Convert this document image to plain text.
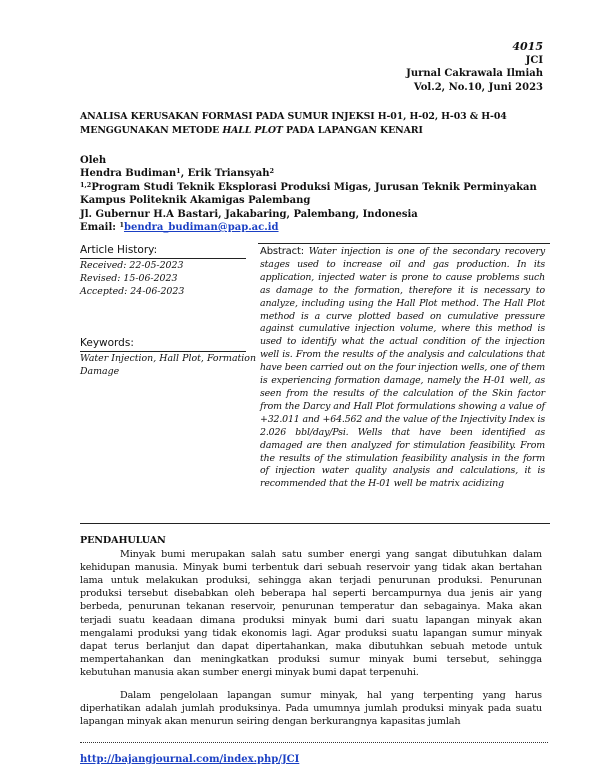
4015
JCI
Jurnal Cakrawala Ilmiah
Vol.2, No.10, Juni 2023
ANALISA KERUSAKAN FORMASI PADA SUMUR INJEKSI H-01, H-02, H-03 & H-04
MENGGUNAKAN METODE HALL PLOT PADA LAPANGAN KENARI
Oleh
Hendra Budiman$^1$, Erik Triansyah$^2$
$^{1,2}$Program Studi Teknik Eksplorasi Produksi Migas, Jurusan Teknik Perminyakan
Kampus Politeknik Akamigas Palembang
Jl. Gubernur H.A Bastari, Jakabaring, Palembang, Indonesia
Email: $^1$bendra_budiman@pap.ac.id
Article History:
Received: 22-05-2023
Revised: 15-06-2023
Accepted: 24-06-2023
Keywords:
Water Injection, Hall Plot, Formation Damage
Abstract: Water injection is one of the secondary recovery stages used to increase oil and gas production. In its application, injected water is prone to cause problems such as damage to the formation, therefore it is necessary to analyze, including using the Hall Plot method. The Hall Plot method is a curve plotted based on cumulative pressure against cumulative injection volume, where this method is used to identify what the actual condition of the injection well is. From the results of the analysis and calculations that have been carried out on the four injection wells, one of them is experiencing formation damage, namely the H-01 well, as seen from the results of the calculation of the Skin factor from the Darcy and Hall Plot formulations showing a value of +32.011 and +64.562 and the value of the Injectivity Index is 2.026 bbl/day/Psi. Wells that have been identified as damaged are then analyzed for stimulation feasibility. From the results of the stimulation feasibility analysis in the form of injection water quality analysis and calculations, it is recommended that the H-01 well be matrix acidizing
PENDAHULUAN

Minyak bumi merupakan salah satu sumber energi yang sangat dibutuhkan dalam kehidupan manusia. Minyak bumi terbentuk dari sebuah reservoir yang tidak akan bertahan lama untuk melakukan produksi, sehingga akan terjadi penurunan produksi. Penurunan produksi tersebut disebabkan oleh beberapa hal seperti bercampurnya dua jenis air yang berbeda, penurunan tekanan reservoir, penurunan temperatur dan sebagainya. Maka akan terjadi suatu keadaan dimana produksi minyak bumi dari suatu lapangan minyak akan mengalami produksi yang tidak ekonomis lagi. Agar produksi suatu lapangan sumur minyak dapat terus berlanjut dan dapat dipertahankan, maka dibutuhkan sebuah metode untuk mempertahankan dan meningkatkan produksi sumur minyak bumi tersebut, sehingga kebutuhan manusia akan sumber energi minyak bumi dapat terpenuhi.

Dalam pengelolaan lapangan sumur minyak, hal yang terpenting yang harus diperhatikan adalah jumlah produksinya. Pada umumnya jumlah produksi minyak pada suatu lapangan minyak akan menurun seiring dengan berkurangnya kapasitas jumlah

http://bajangjournal.com/index.php/JCI
